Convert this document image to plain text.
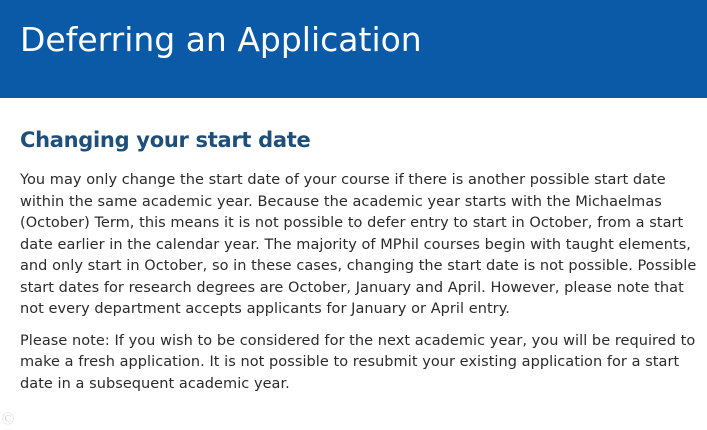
Deferring an Application
Changing your start date

You may only change the start date of your course if there is another possible start date within the same academic year. Because the academic year starts with the Michaelmas (October) Term, this means it is not possible to defer entry to start in October, from a start date earlier in the calendar year. The majority of MPhil courses begin with taught elements, and only start in October, so in these cases, changing the start date is not possible. Possible start dates for research degrees are October, January and April. However, please note that not every department accepts applicants for January or April entry.

Please note: If you wish to be considered for the next academic year, you will be required to make a fresh application. It is not possible to resubmit your existing application for a start date in a subsequent academic year.

Ⓒ
